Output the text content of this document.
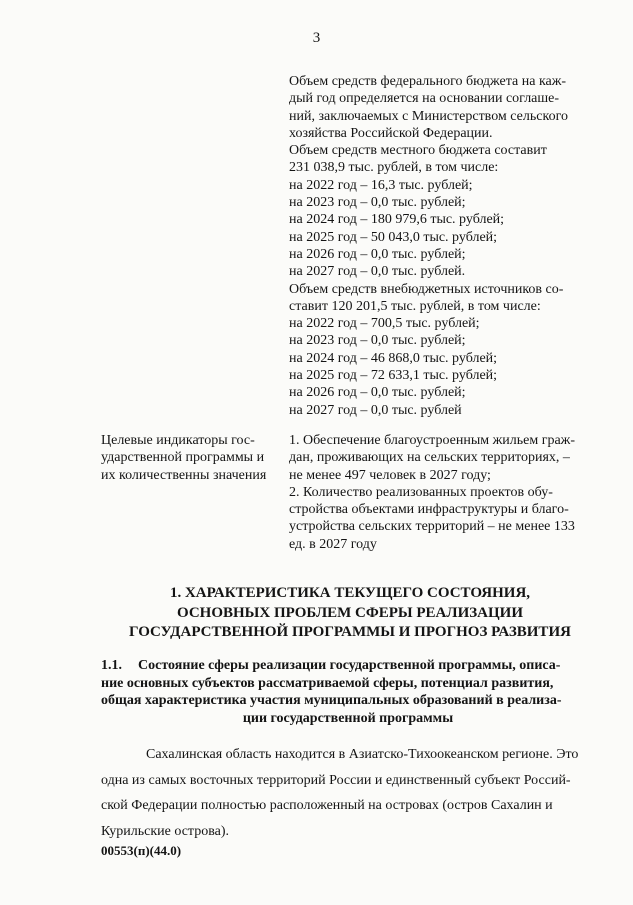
3

Объем средств федерального бюджета на каж-

дый год определяется на основании соглаше-

ний, заключаемых с Министерством сельского

хозяйства Российской Федерации.

Объем средств местного бюджета составит

231 038,9 тыс. рублей, в том числе:

на 2022 год – 16,3 тыс. рублей;

на 2023 год – 0,0 тыс. рублей;

на 2024 год – 180 979,6 тыс. рублей;

на 2025 год – 50 043,0 тыс. рублей;

на 2026 год – 0,0 тыс. рублей;

на 2027 год – 0,0 тыс. рублей.

Объем средств внебюджетных источников со-

ставит 120 201,5 тыс. рублей, в том числе:

на 2022 год – 700,5 тыс. рублей;

на 2023 год – 0,0 тыс. рублей;

на 2024 год – 46 868,0 тыс. рублей;

на 2025 год – 72 633,1 тыс. рублей;

на 2026 год – 0,0 тыс. рублей;

на 2027 год – 0,0 тыс. рублей

Целевые индикаторы гос-

ударственной программы и

их количественны значения

1. Обеспечение благоустроенным жильем граж-

дан, проживающих на сельских территориях, –

не менее 497 человек в 2027 году;

2. Количество реализованных проектов обу-

стройства объектами инфраструктуры и благо-

устройства сельских территорий – не менее 133

ед. в 2027 году

1. ХАРАКТЕРИСТИКА ТЕКУЩЕГО СОСТОЯНИЯ,
ОСНОВНЫХ ПРОБЛЕМ СФЕРЫ РЕАЛИЗАЦИИ
ГОСУДАРСТВЕННОЙ ПРОГРАММЫ И ПРОГНОЗ РАЗВИТИЯ
1.1. Состояние сферы реализации государственной программы, описа-
ние основных субъектов рассматриваемой сферы, потенциал развития,
общая характеристика участия муниципальных образований в реализа-
ции государственной программы
Сахалинская область находится в Азиатско-Тихоокеанском регионе. Это
одна из самых восточных территорий России и единственный субъект Россий-
ской Федерации полностью расположенный на островах (остров Сахалин и
Курильские острова).
00553(п)(44.0)
